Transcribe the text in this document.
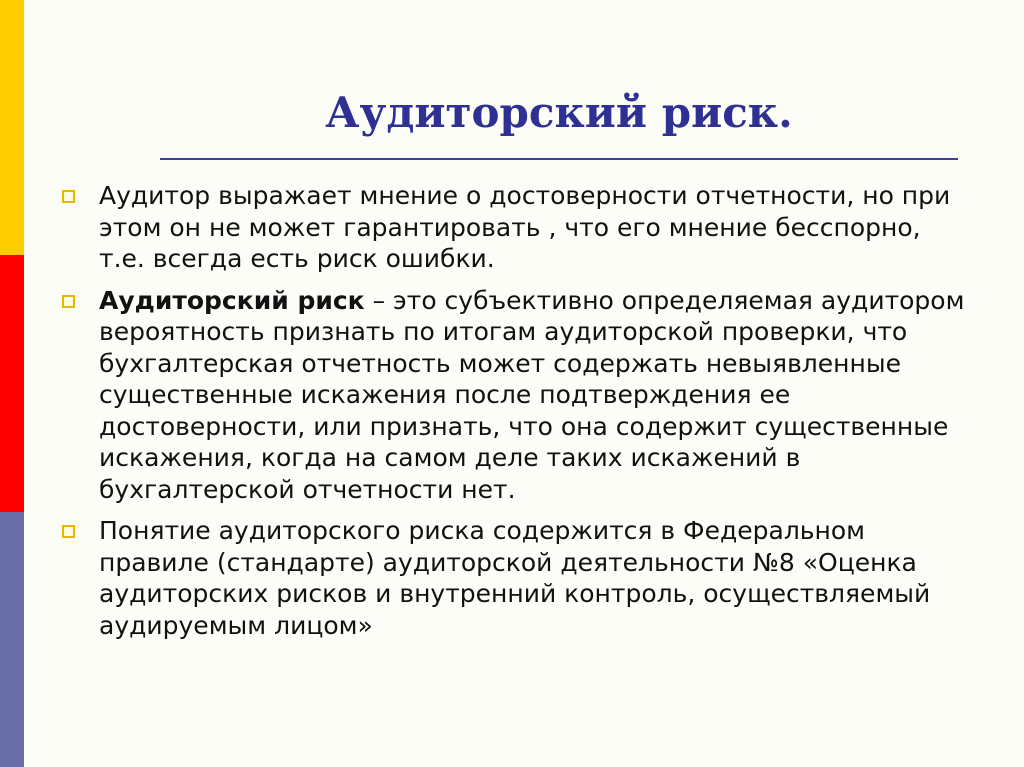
Аудиторский риск.
Аудитор выражает мнение о достоверности отчетности, но при этом он не может гарантировать , что его мнение бесспорно, т.е. всегда есть риск ошибки.
Аудиторский риск – это субъективно определяемая аудитором вероятность признать по итогам аудиторской проверки, что бухгалтерская отчетность может содержать невыявленные существенные искажения после подтверждения ее достоверности, или признать, что она содержит существенные искажения, когда на самом деле таких искажений в бухгалтерской отчетности нет.
Понятие аудиторского риска содержится в Федеральном правиле (стандарте) аудиторской деятельности №8 «Оценка аудиторских рисков и внутренний контроль, осуществляемый аудируемым лицом»
